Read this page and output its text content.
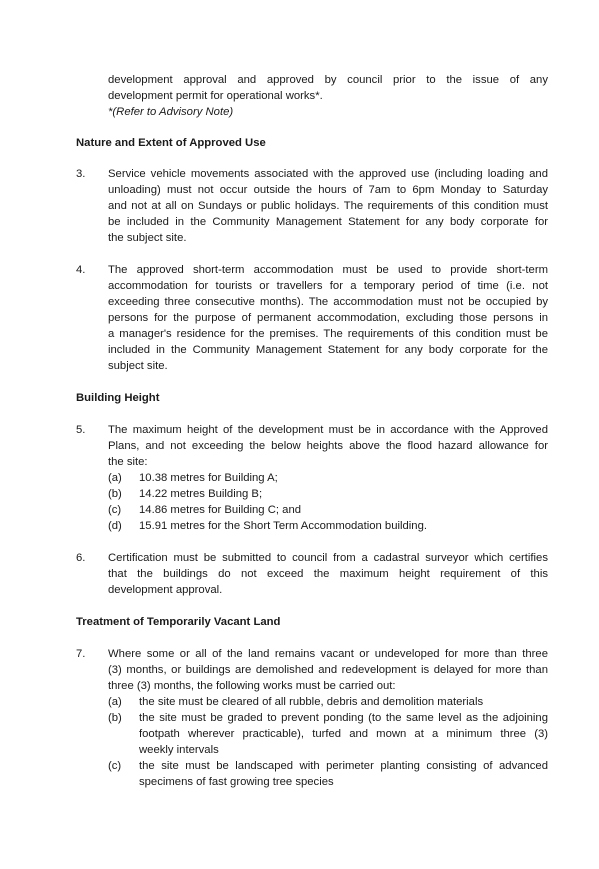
development approval and approved by council prior to the issue of any
development permit for operational works*.
*(Refer to Advisory Note)
Nature and Extent of Approved Use
3. Service vehicle movements associated with the approved use (including loading and
unloading) must not occur outside the hours of 7am to 6pm Monday to Saturday
and not at all on Sundays or public holidays. The requirements of this condition must
be included in the Community Management Statement for any body corporate for
the subject site.
4. The approved short-term accommodation must be used to provide short-term
accommodation for tourists or travellers for a temporary period of time (i.e. not
exceeding three consecutive months). The accommodation must not be occupied by
persons for the purpose of permanent accommodation, excluding those persons in
a manager's residence for the premises. The requirements of this condition must be
included in the Community Management Statement for any body corporate for the
subject site.
Building Height
5. The maximum height of the development must be in accordance with the Approved
Plans, and not exceeding the below heights above the flood hazard allowance for
the site:
(a) 10.38 metres for Building A;
(b) 14.22 metres Building B;
(c) 14.86 metres for Building C; and
(d) 15.91 metres for the Short Term Accommodation building.
6. Certification must be submitted to council from a cadastral surveyor which certifies
that the buildings do not exceed the maximum height requirement of this
development approval.
Treatment of Temporarily Vacant Land
7. Where some or all of the land remains vacant or undeveloped for more than three
(3) months, or buildings are demolished and redevelopment is delayed for more than
three (3) months, the following works must be carried out:
(a) the site must be cleared of all rubble, debris and demolition materials
(b) the site must be graded to prevent ponding (to the same level as the adjoining
footpath wherever practicable), turfed and mown at a minimum three (3)
weekly intervals
(c) the site must be landscaped with perimeter planting consisting of advanced
specimens of fast growing tree species
